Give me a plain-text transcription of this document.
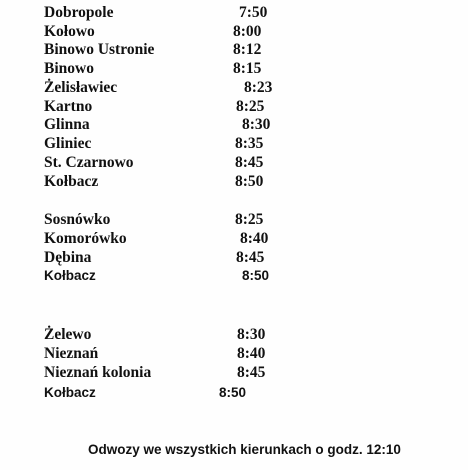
Dobropole	7:50
Kołowo	8:00
Binowo Ustronie	8:12
Binowo	8:15
Żelisławiec	8:23
Kartno	8:25
Glinna	8:30
Gliniec	8:35
St. Czarnowo	8:45
Kołbacz	8:50
Sosnówko	8:25
Komorówko	8:40
Dębina	8:45
Kołbacz	8:50
Żelewo	8:30
Nieznań	8:40
Nieznań kolonia	8:45
Kołbacz	8:50
Odwozy we wszystkich kierunkach o godz. 12:10
